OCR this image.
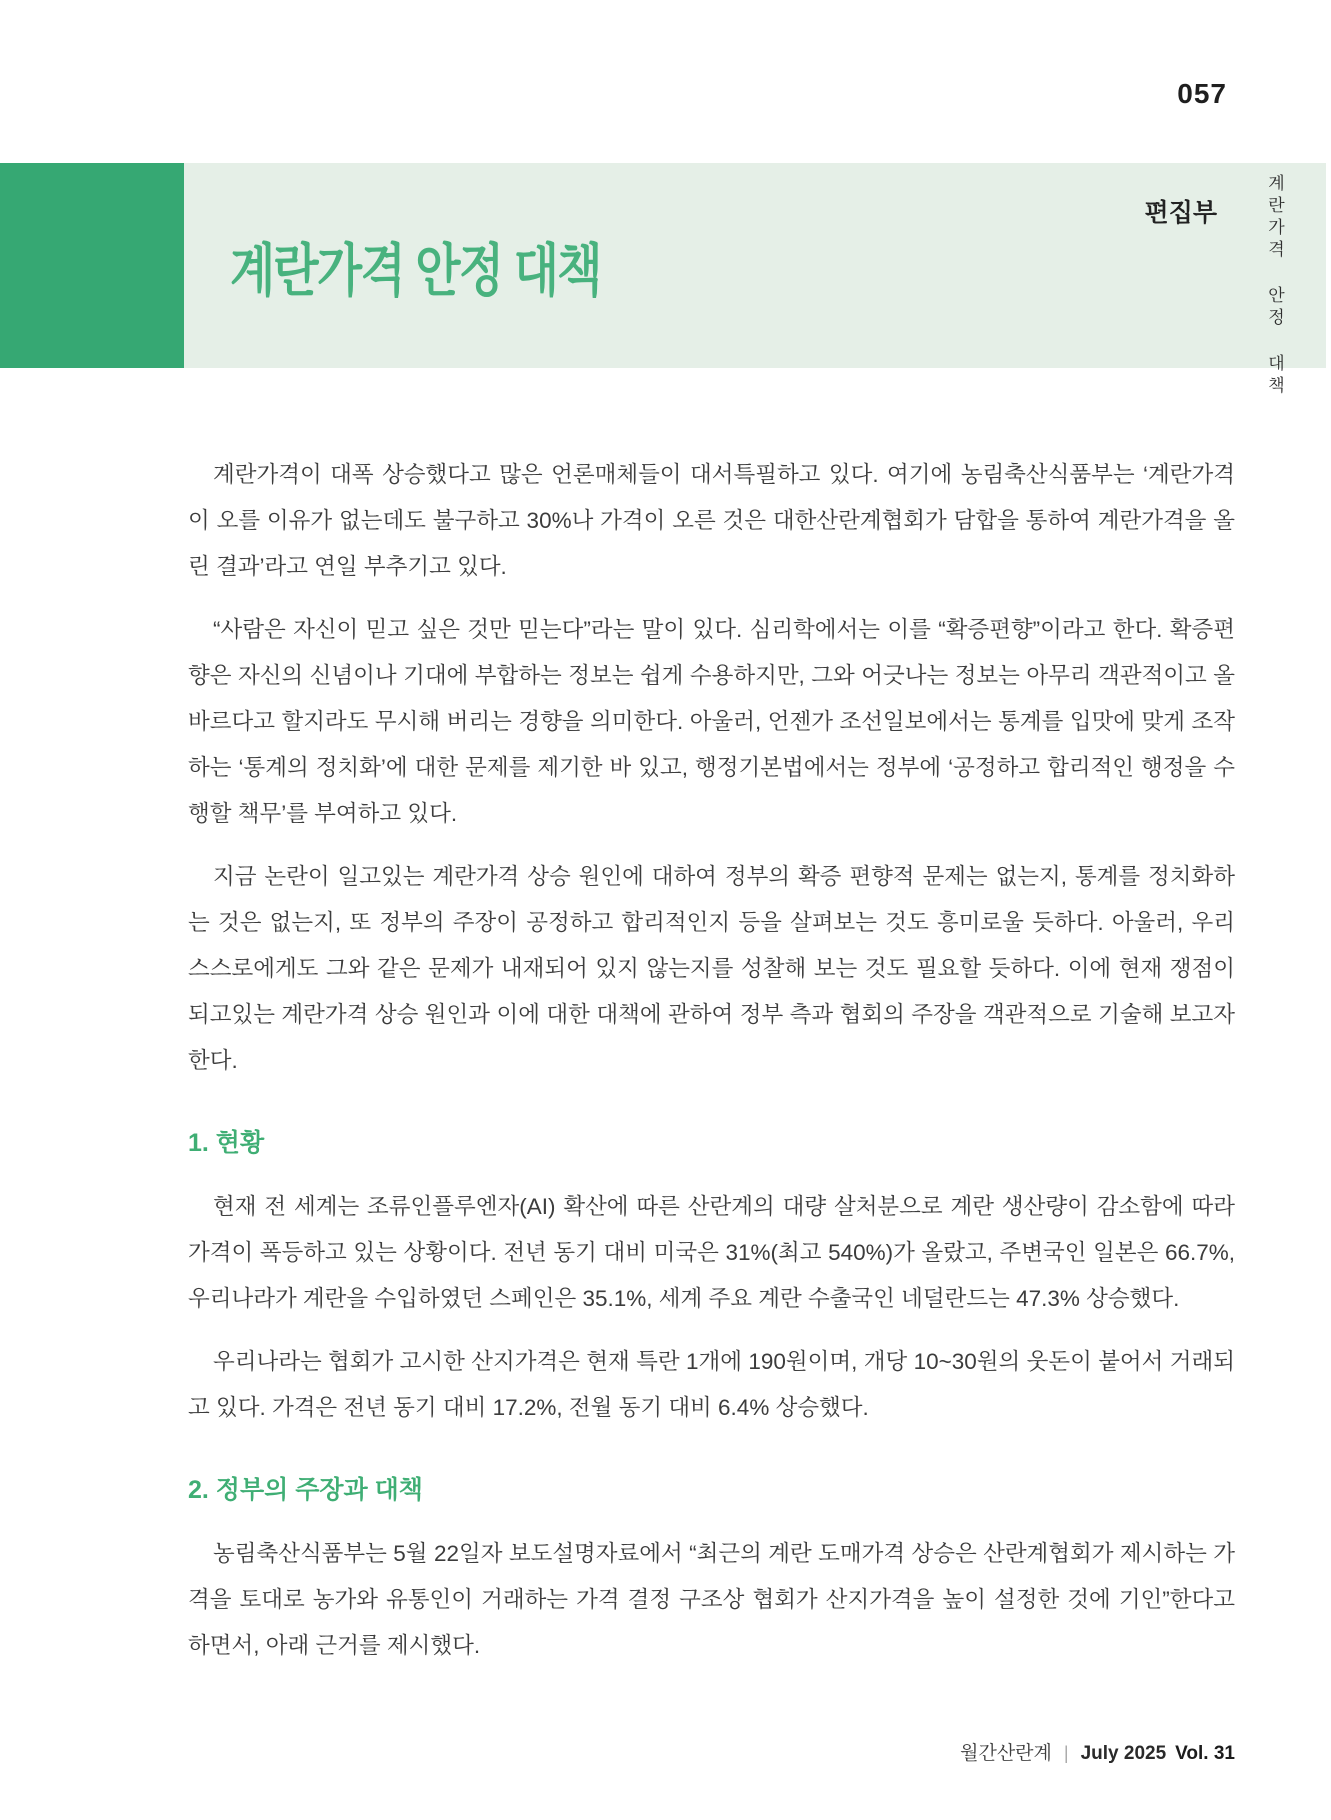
057
계란가격 안정 대책
편집부	계란가격 안정 대책

계란가격이 대폭 상승했다고 많은 언론매체들이 대서특필하고 있다. 여기에 농림축산식품부는 ‘계란가격이 오를 이유가 없는데도 불구하고 30%나 가격이 오른 것은 대한산란계협회가 담합을 통하여 계란가격을 올린 결과’라고 연일 부추기고 있다.

“사람은 자신이 믿고 싶은 것만 믿는다”라는 말이 있다. 심리학에서는 이를 “확증편향”이라고 한다. 확증편향은 자신의 신념이나 기대에 부합하는 정보는 쉽게 수용하지만, 그와 어긋나는 정보는 아무리 객관적이고 올바르다고 할지라도 무시해 버리는 경향을 의미한다. 아울러, 언젠가 조선일보에서는 통계를 입맛에 맞게 조작하는 ‘통계의 정치화’에 대한 문제를 제기한 바 있고, 행정기본법에서는 정부에 ‘공정하고 합리적인 행정을 수행할 책무’를 부여하고 있다.

지금 논란이 일고있는 계란가격 상승 원인에 대하여 정부의 확증 편향적 문제는 없는지, 통계를 정치화하는 것은 없는지, 또 정부의 주장이 공정하고 합리적인지 등을 살펴보는 것도 흥미로울 듯하다. 아울러, 우리 스스로에게도 그와 같은 문제가 내재되어 있지 않는지를 성찰해 보는 것도 필요할 듯하다. 이에 현재 쟁점이 되고있는 계란가격 상승 원인과 이에 대한 대책에 관하여 정부 측과 협회의 주장을 객관적으로 기술해 보고자 한다.

1. 현황

현재 전 세계는 조류인플루엔자(AI) 확산에 따른 산란계의 대량 살처분으로 계란 생산량이 감소함에 따라 가격이 폭등하고 있는 상황이다. 전년 동기 대비 미국은 31%(최고 540%)가 올랐고, 주변국인 일본은 66.7%, 우리나라가 계란을 수입하였던 스페인은 35.1%, 세계 주요 계란 수출국인 네덜란드는 47.3% 상승했다.

우리나라는 협회가 고시한 산지가격은 현재 특란 1개에 190원이며, 개당 10~30원의 웃돈이 붙어서 거래되고 있다. 가격은 전년 동기 대비 17.2%, 전월 동기 대비 6.4% 상승했다.

2. 정부의 주장과 대책

농림축산식품부는 5월 22일자 보도설명자료에서 “최근의 계란 도매가격 상승은 산란계협회가 제시하는 가격을 토대로 농가와 유통인이 거래하는 가격 결정 구조상 협회가 산지가격을 높이 설정한 것에 기인”한다고 하면서, 아래 근거를 제시했다.

월간산란계 | July 2025 Vol. 31
